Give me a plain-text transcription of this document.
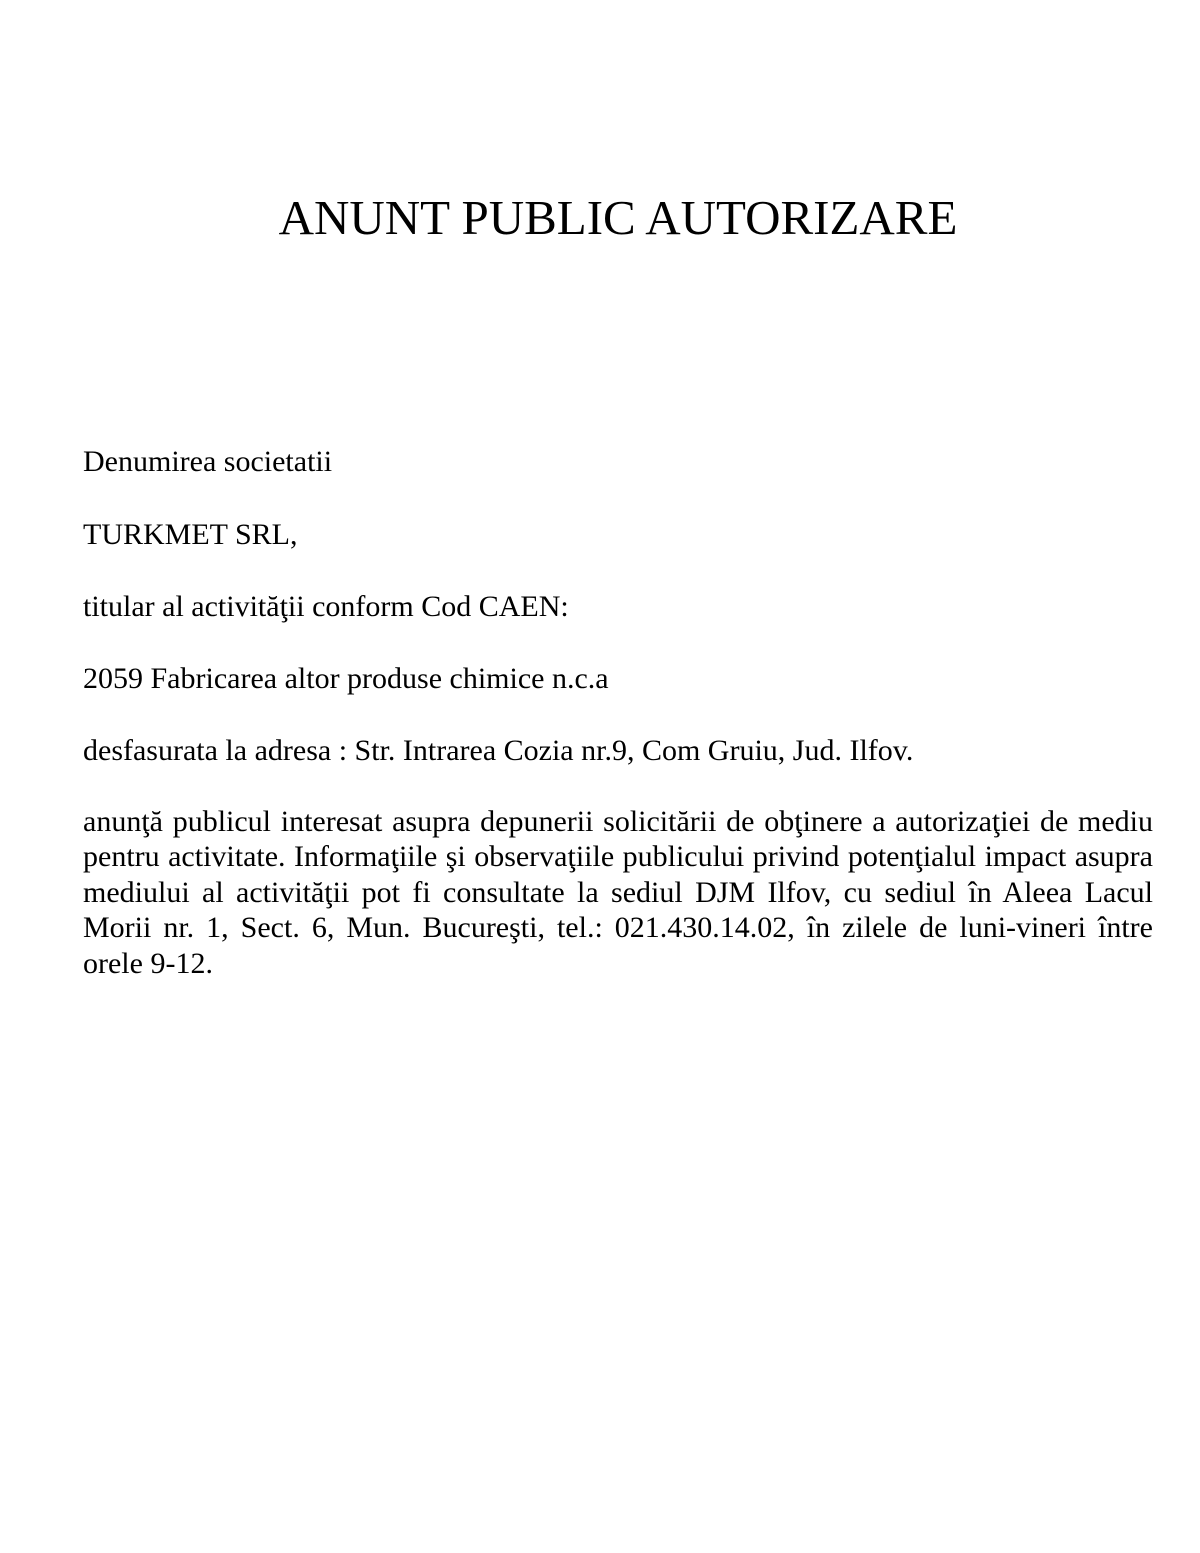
ANUNT PUBLIC AUTORIZARE
Denumirea societatii
TURKMET SRL,
titular al activităţii conform Cod CAEN:
2059 Fabricarea altor produse chimice n.c.a
desfasurata la adresa : Str. Intrarea Cozia nr.9, Com Gruiu, Jud. Ilfov.
anunţă publicul interesat asupra depunerii solicitării de obţinere a autorizaţiei de mediu pentru activitate. Informaţiile şi observaţiile publicului privind potenţialul impact asupra mediului al activităţii pot fi consultate la sediul DJM Ilfov, cu sediul în Aleea Lacul Morii nr. 1, Sect. 6, Mun. Bucureşti, tel.: 021.430.14.02, în zilele de luni-vineri între orele 9-12.
